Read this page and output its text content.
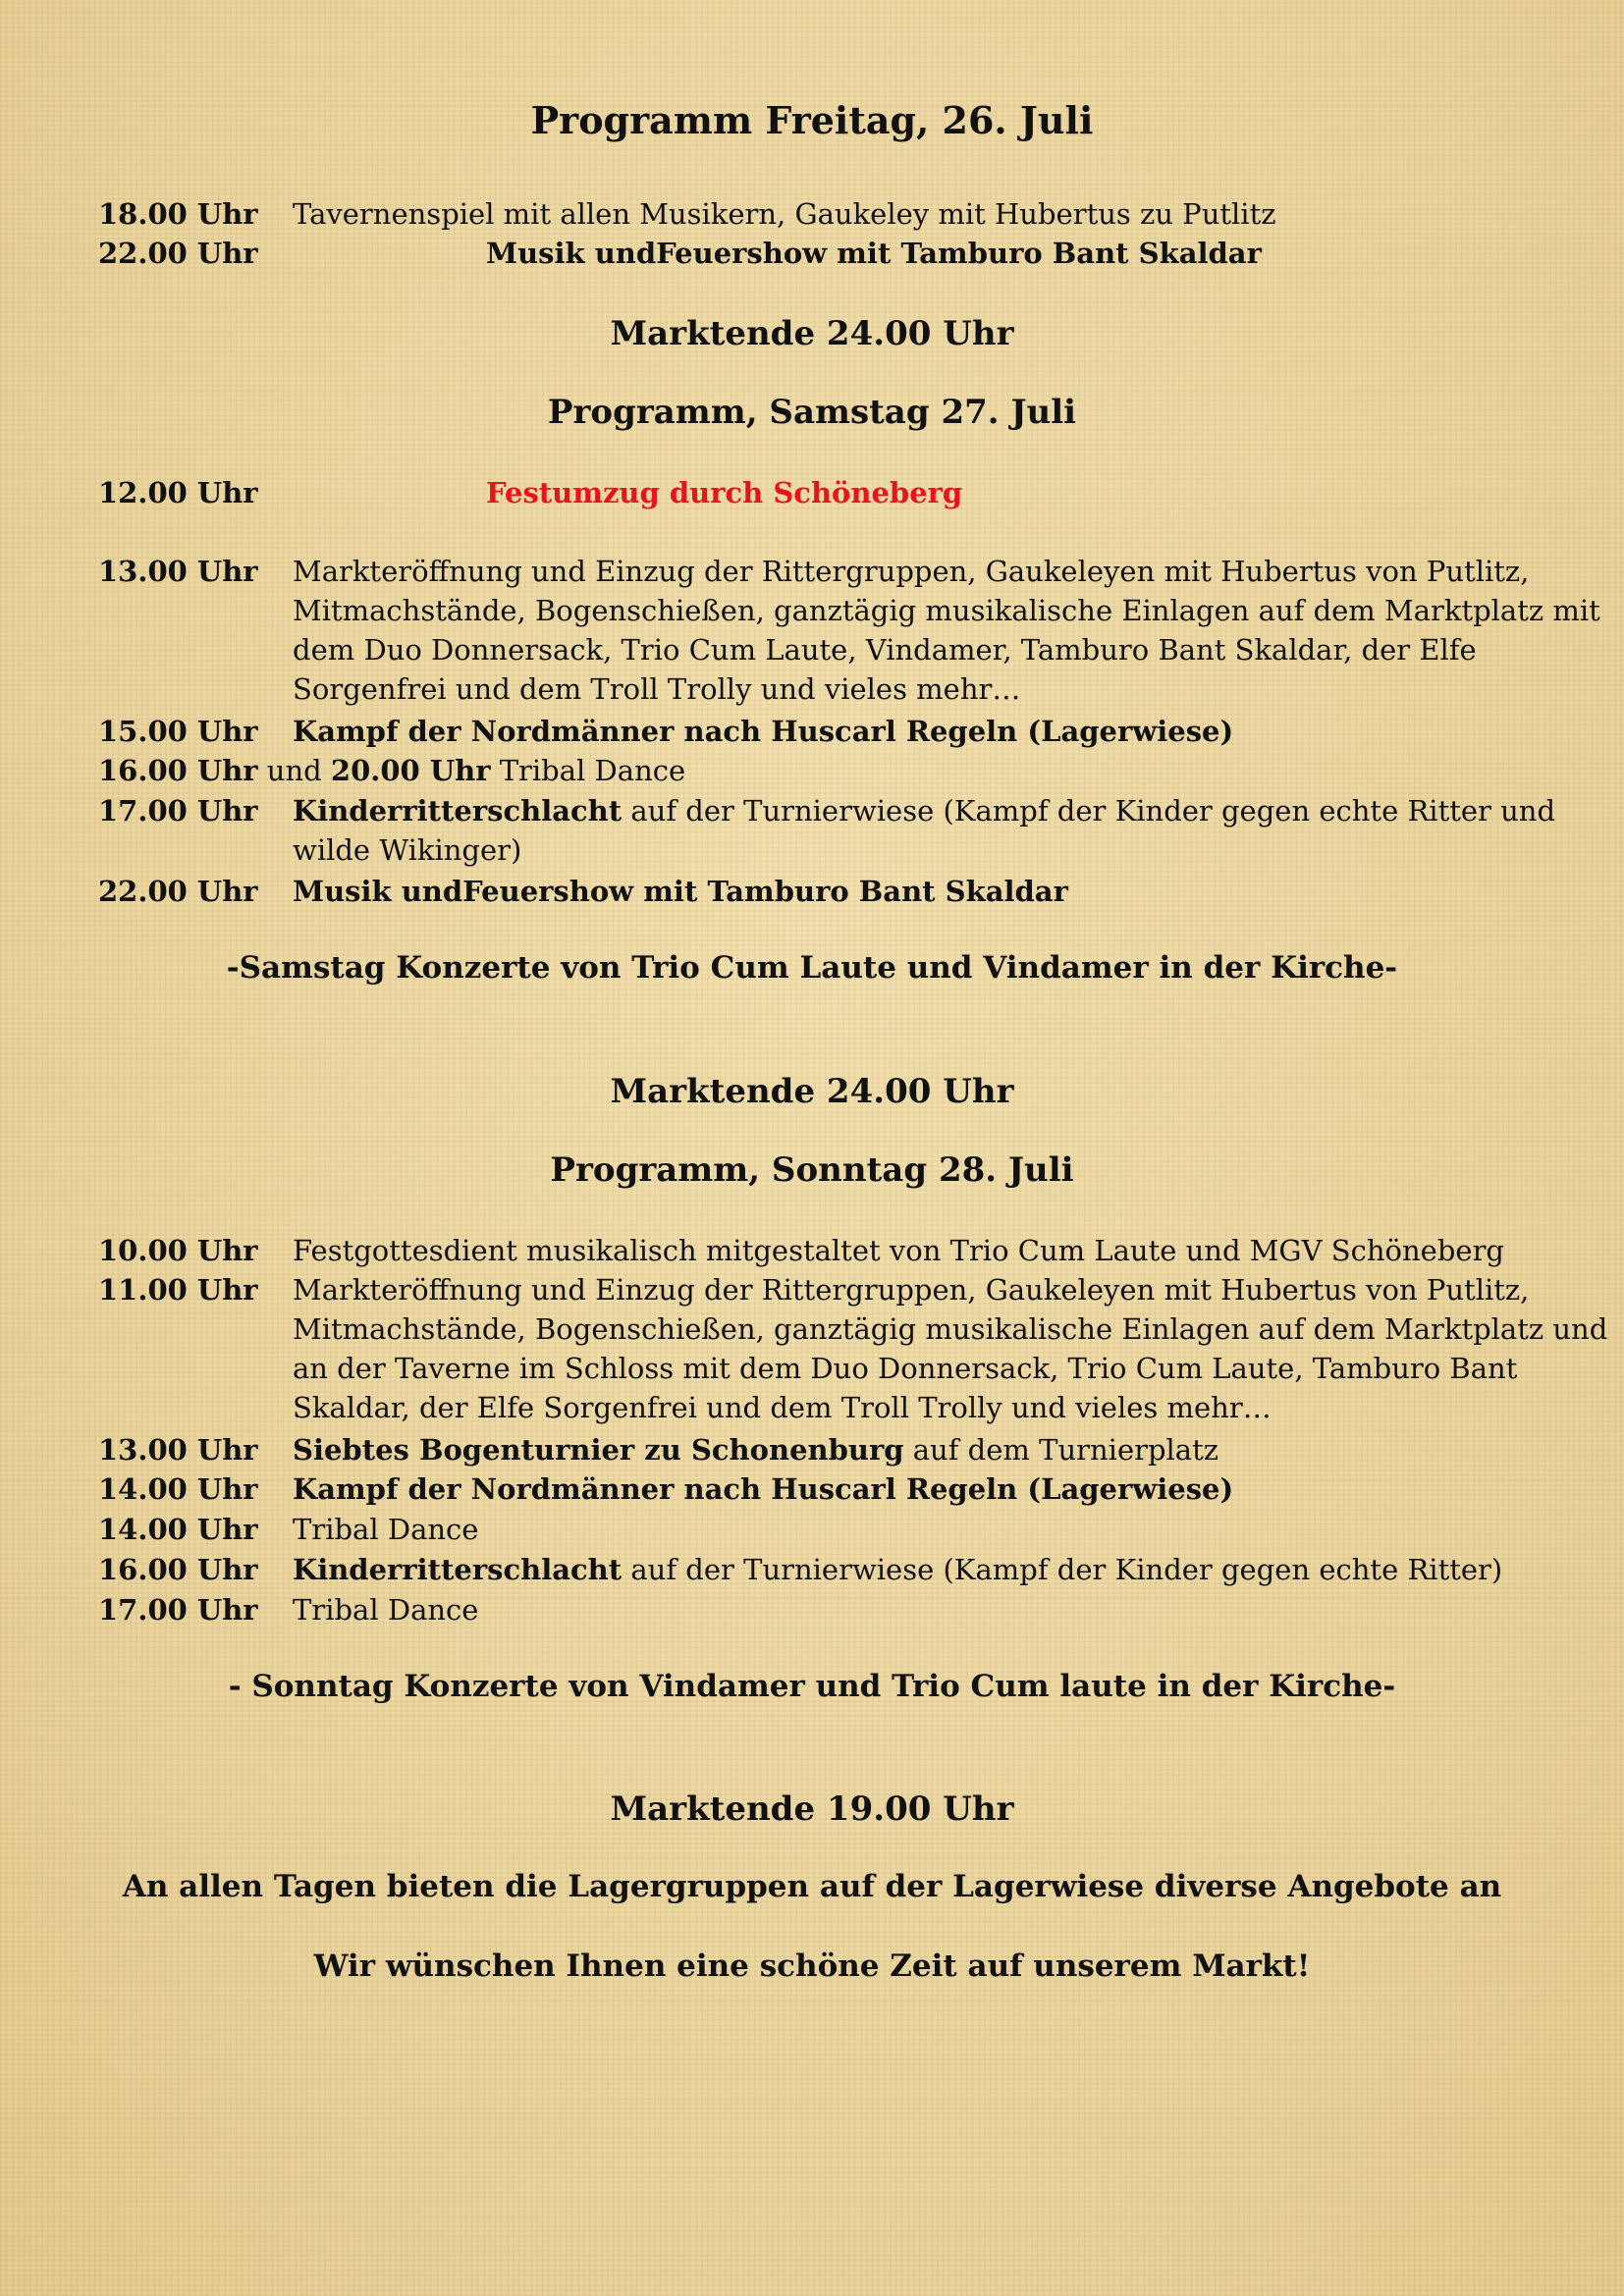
Programm Freitag, 26. Juli
18.00 Uhr	Tavernenspiel mit allen Musikern, Gaukeley mit Hubertus zu Putlitz
22.00 Uhr	Musik undFeuershow mit Tamburo Bant Skaldar
Marktende 24.00 Uhr
Programm, Samstag 27. Juli
12.00 Uhr	Festumzug durch Schöneberg
13.00 Uhr	Markteröffnung und Einzug der Rittergruppen, Gaukeleyen mit Hubertus von Putlitz, Mitmachstände, Bogenschießen, ganztägig musikalische Einlagen auf dem Marktplatz mit dem Duo Donnersack, Trio Cum Laute, Vindamer, Tamburo Bant Skaldar, der Elfe Sorgenfrei und dem Troll Trolly und vieles mehr…
15.00 Uhr	Kampf der Nordmänner nach Huscarl Regeln (Lagerwiese)
16.00 Uhr und 20.00 Uhr Tribal Dance
17.00 Uhr	Kinderritterschlacht auf der Turnierwiese (Kampf der Kinder gegen echte Ritter und wilde Wikinger)
22.00 Uhr	Musik undFeuershow mit Tamburo Bant Skaldar
-Samstag Konzerte von Trio Cum Laute und Vindamer in der Kirche-
Marktende 24.00 Uhr
Programm, Sonntag 28. Juli
10.00 Uhr	Festgottesdient musikalisch mitgestaltet von Trio Cum Laute und MGV Schöneberg
11.00 Uhr	Markteröffnung und Einzug der Rittergruppen, Gaukeleyen mit Hubertus von Putlitz, Mitmachstände, Bogenschießen, ganztägig musikalische Einlagen auf dem Marktplatz und an der Taverne im Schloss mit dem Duo Donnersack, Trio Cum Laute, Tamburo Bant Skaldar, der Elfe Sorgenfrei und dem Troll Trolly und vieles mehr…
13.00 Uhr	Siebtes Bogenturnier zu Schonenburg auf dem Turnierplatz
14.00 Uhr	Kampf der Nordmänner nach Huscarl Regeln (Lagerwiese)
14.00 Uhr	Tribal Dance
16.00 Uhr	Kinderritterschlacht auf der Turnierwiese (Kampf der Kinder gegen echte Ritter)
17.00 Uhr	Tribal Dance
- Sonntag Konzerte von Vindamer und Trio Cum laute in der Kirche-
Marktende 19.00 Uhr
An allen Tagen bieten die Lagergruppen auf der Lagerwiese diverse Angebote an
Wir wünschen Ihnen eine schöne Zeit auf unserem Markt!
